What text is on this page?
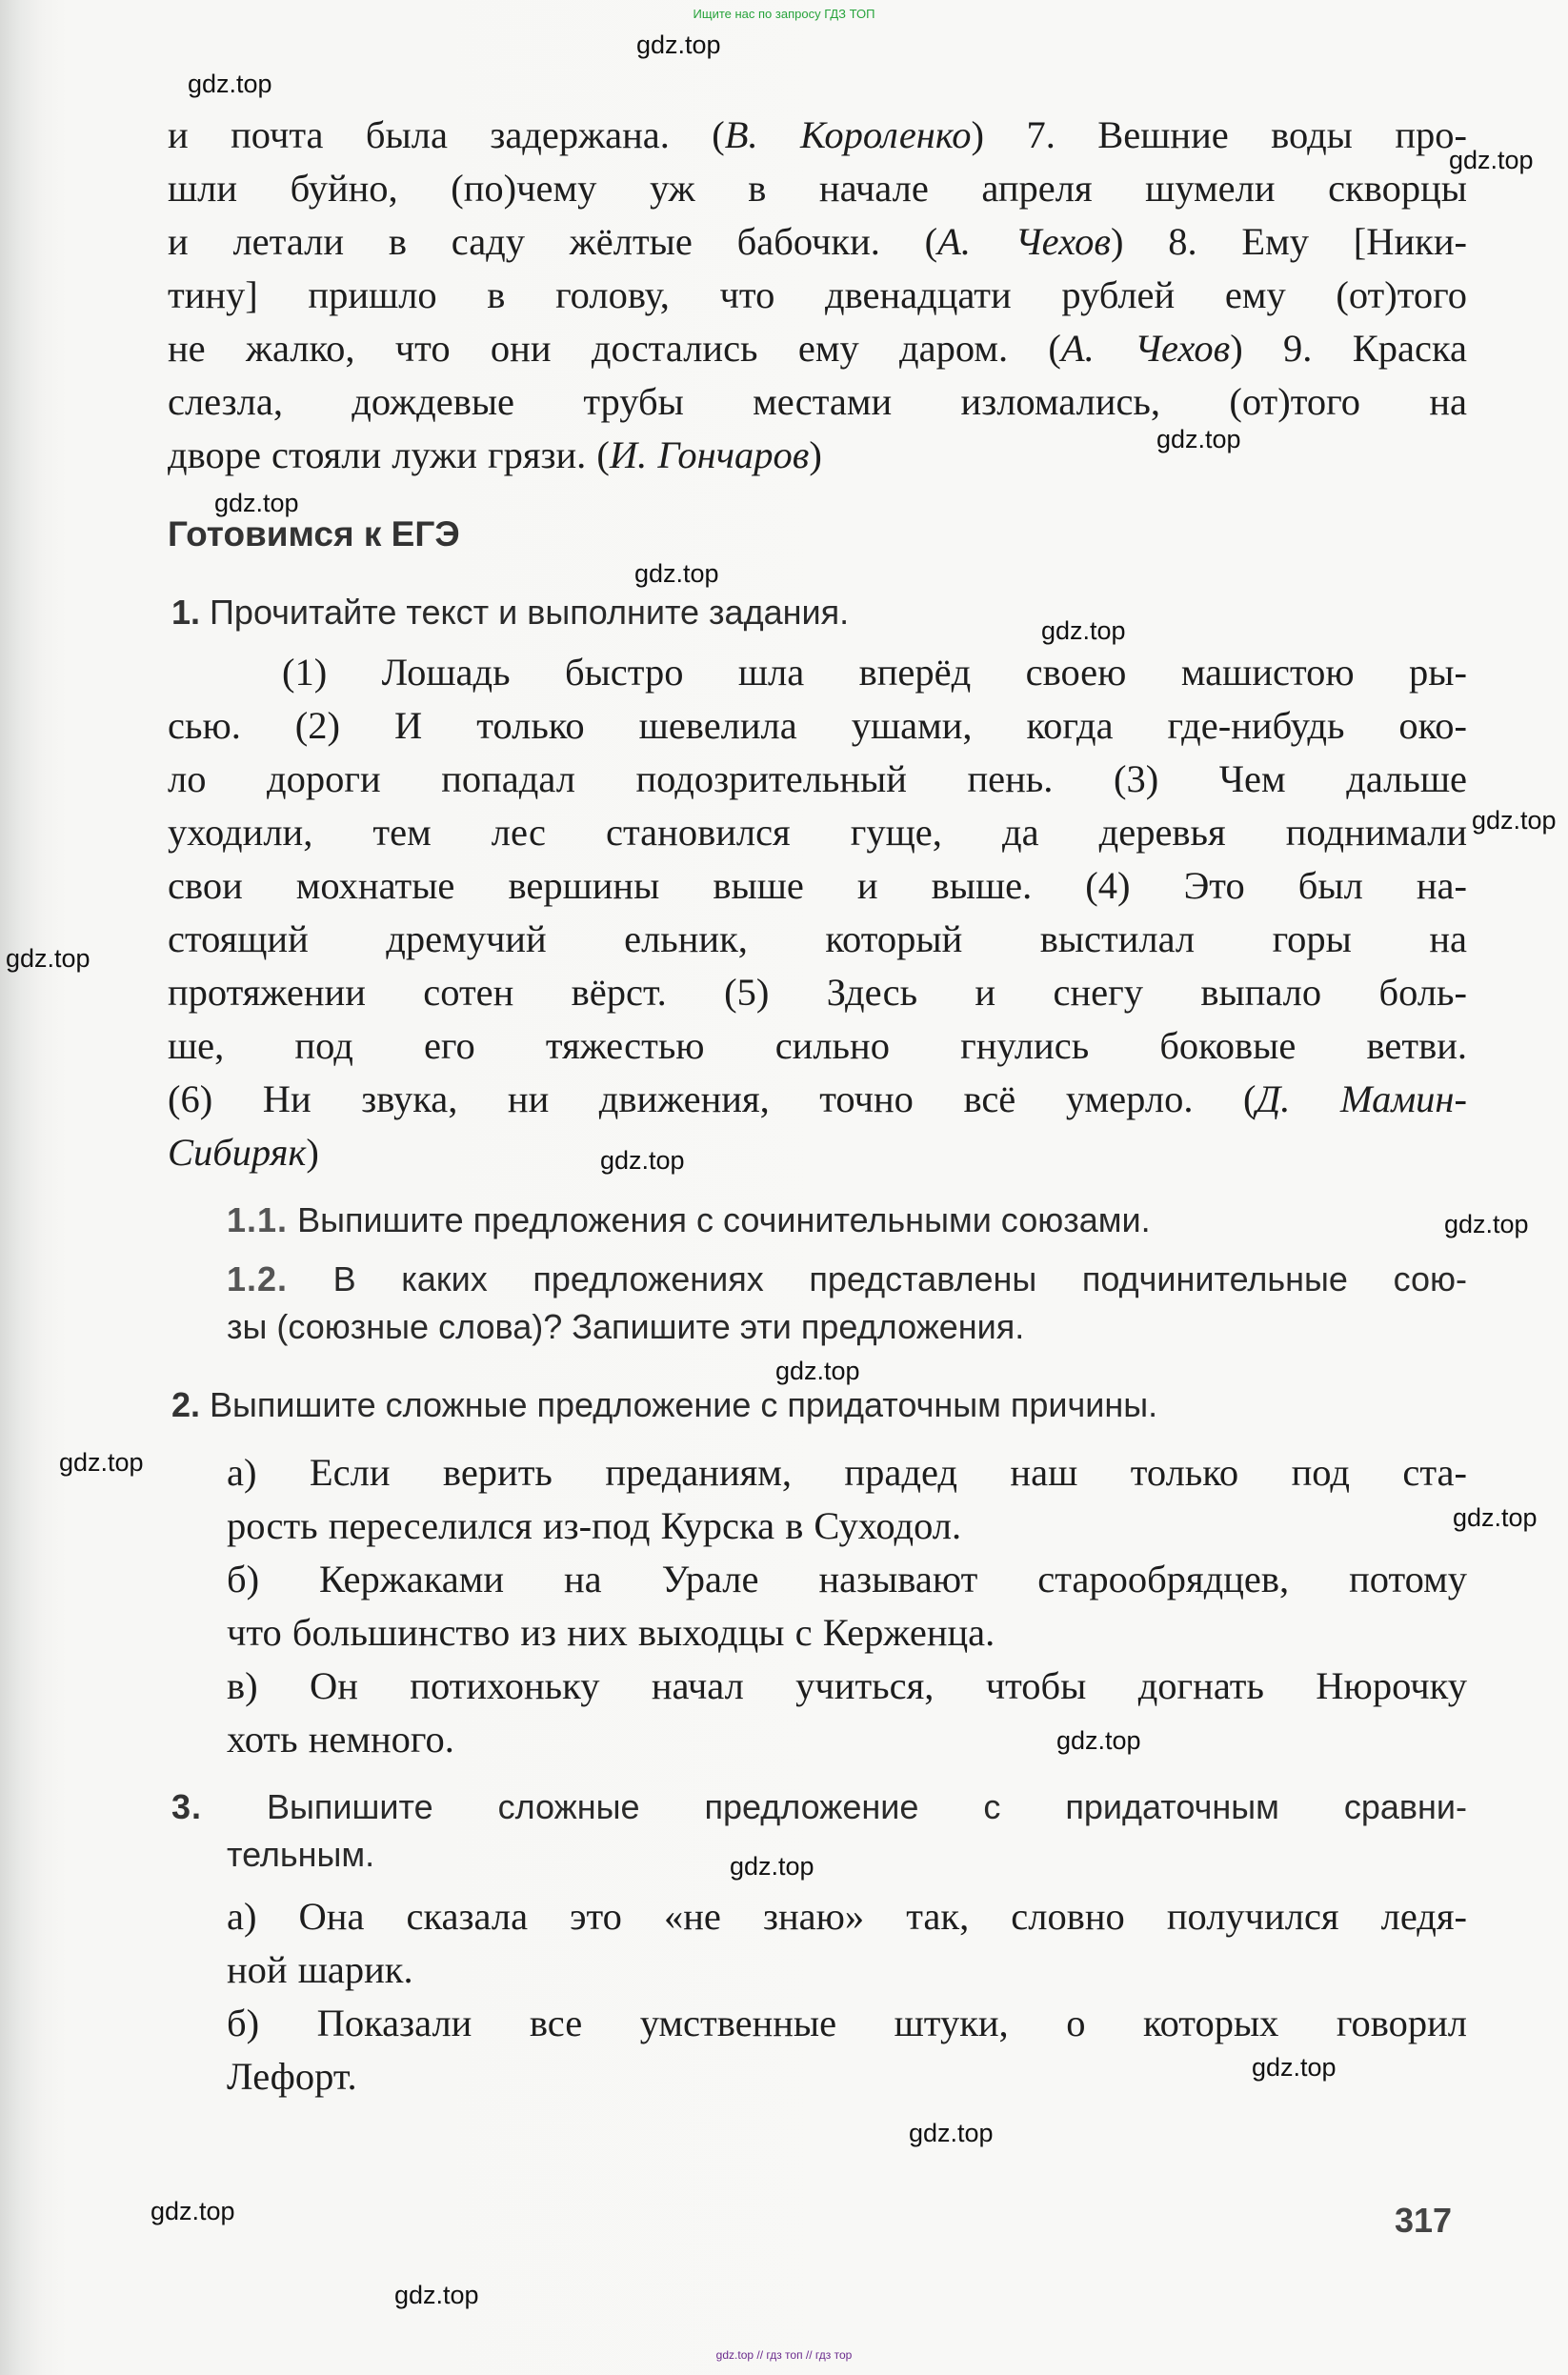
Ищите нас по запросу ГДЗ ТОП
gdz.top
gdz.top
gdz.top
gdz.top
gdz.top
gdz.top
gdz.top
gdz.top
gdz.top
gdz.top
gdz.top
gdz.top
gdz.top
gdz.top
gdz.top
gdz.top
gdz.top
gdz.top
gdz.top
gdz.top
и почта была задержана. (В. Короленко) 7. Вешние воды про-
шли буйно, (по)чему уж в начале апреля шумели скворцы
и летали в саду жёлтые бабочки. (А. Чехов) 8. Ему [Ники-
тину] пришло в голову, что двенадцати рублей ему (от)того
не жалко, что они достались ему даром. (А. Чехов) 9. Краска
слезла, дождевые трубы местами изломались, (от)того на
дворе стояли лужи грязи. (И. Гончаров)
Готовимся к ЕГЭ
1. Прочитайте текст и выполните задания.
(1) Лошадь быстро шла вперёд своею машистою ры-
сью. (2) И только шевелила ушами, когда где-нибудь око-
ло дороги попадал подозрительный пень. (3) Чем дальше
уходили, тем лес становился гуще, да деревья поднимали
свои мохнатые вершины выше и выше. (4) Это был на-
стоящий дремучий ельник, который выстилал горы на
протяжении сотен вёрст. (5) Здесь и снегу выпало боль-
ше, под его тяжестью сильно гнулись боковые ветви.
(6) Ни звука, ни движения, точно всё умерло. (Д. Мамин-
Сибиряк)
1.1. Выпишите предложения с сочинительными союзами.
1.2. В каких предложениях представлены подчинительные сою-
зы (союзные слова)? Запишите эти предложения.
2. Выпишите сложные предложение с придаточным причины.
а) Если верить преданиям, прадед наш только под ста-
рость переселился из-под Курска в Суходол.
б) Кержаками на Урале называют старообрядцев, потому
что большинство из них выходцы с Керженца.
в) Он потихоньку начал учиться, чтобы догнать Нюрочку
хоть немного.
3. Выпишите сложные предложение с придаточным сравни-
тельным.
а) Она сказала это «не знаю» так, словно получился ледя-
ной шарик.
б) Показали все умственные штуки, о которых говорил
Лефорт.
317
gdz.top // гдз топ // гдз тор
